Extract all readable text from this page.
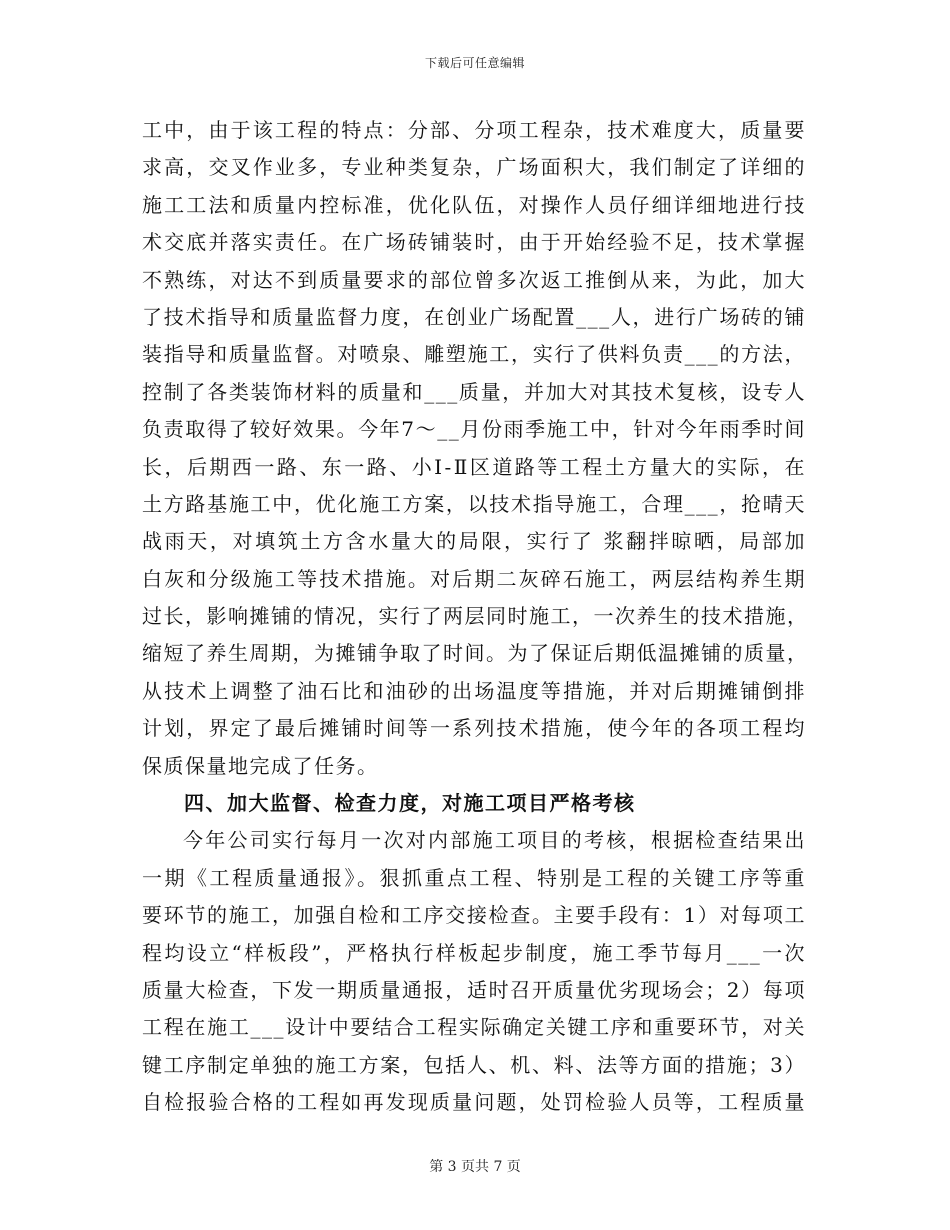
下载后可任意编辑
工中，由于该工程的特点：分部、分项工程杂，技术难度大，质量要
求高，交叉作业多，专业种类复杂，广场面积大，我们制定了详细的
施工工法和质量内控标准，优化队伍，对操作人员仔细详细地进行技
术交底并落实责任。在广场砖铺装时，由于开始经验不足，技术掌握
不熟练，对达不到质量要求的部位曾多次返工推倒从来，为此，加大
了技术指导和质量监督力度，在创业广场配置___人，进行广场砖的铺
装指导和质量监督。对喷泉、雕塑施工，实行了供料负责___的方法，
控制了各类装饰材料的质量和___质量，并加大对其技术复核，设专人
负责取得了较好效果。今年7～__月份雨季施工中，针对今年雨季时间
长，后期西一路、东一路、小Ⅰ-Ⅱ区道路等工程土方量大的实际，在
土方路基施工中，优化施工方案，以技术指导施工，合理___，抢晴天
战雨天，对填筑土方含水量大的局限，实行了 浆翻拌晾晒，局部加
白灰和分级施工等技术措施。对后期二灰碎石施工，两层结构养生期
过长，影响摊铺的情况，实行了两层同时施工，一次养生的技术措施，
缩短了养生周期，为摊铺争取了时间。为了保证后期低温摊铺的质量，
从技术上调整了油石比和油砂的出场温度等措施，并对后期摊铺倒排
计划，界定了最后摊铺时间等一系列技术措施，使今年的各项工程均
保质保量地完成了任务。
四、加大监督、检查力度，对施工项目严格考核
今年公司实行每月一次对内部施工项目的考核，根据检查结果出
一期《工程质量通报》。狠抓重点工程、特别是工程的关键工序等重
要环节的施工，加强自检和工序交接检查。主要手段有：1）对每项工
程均设立“样板段”，严格执行样板起步制度，施工季节每月___一次
质量大检查，下发一期质量通报，适时召开质量优劣现场会；2）每项
工程在施工___设计中要结合工程实际确定关键工序和重要环节，对关
键工序制定单独的施工方案，包括人、机、料、法等方面的措施；3）
自检报验合格的工程如再发现质量问题，处罚检验人员等，工程质量
第 3 页共 7 页
